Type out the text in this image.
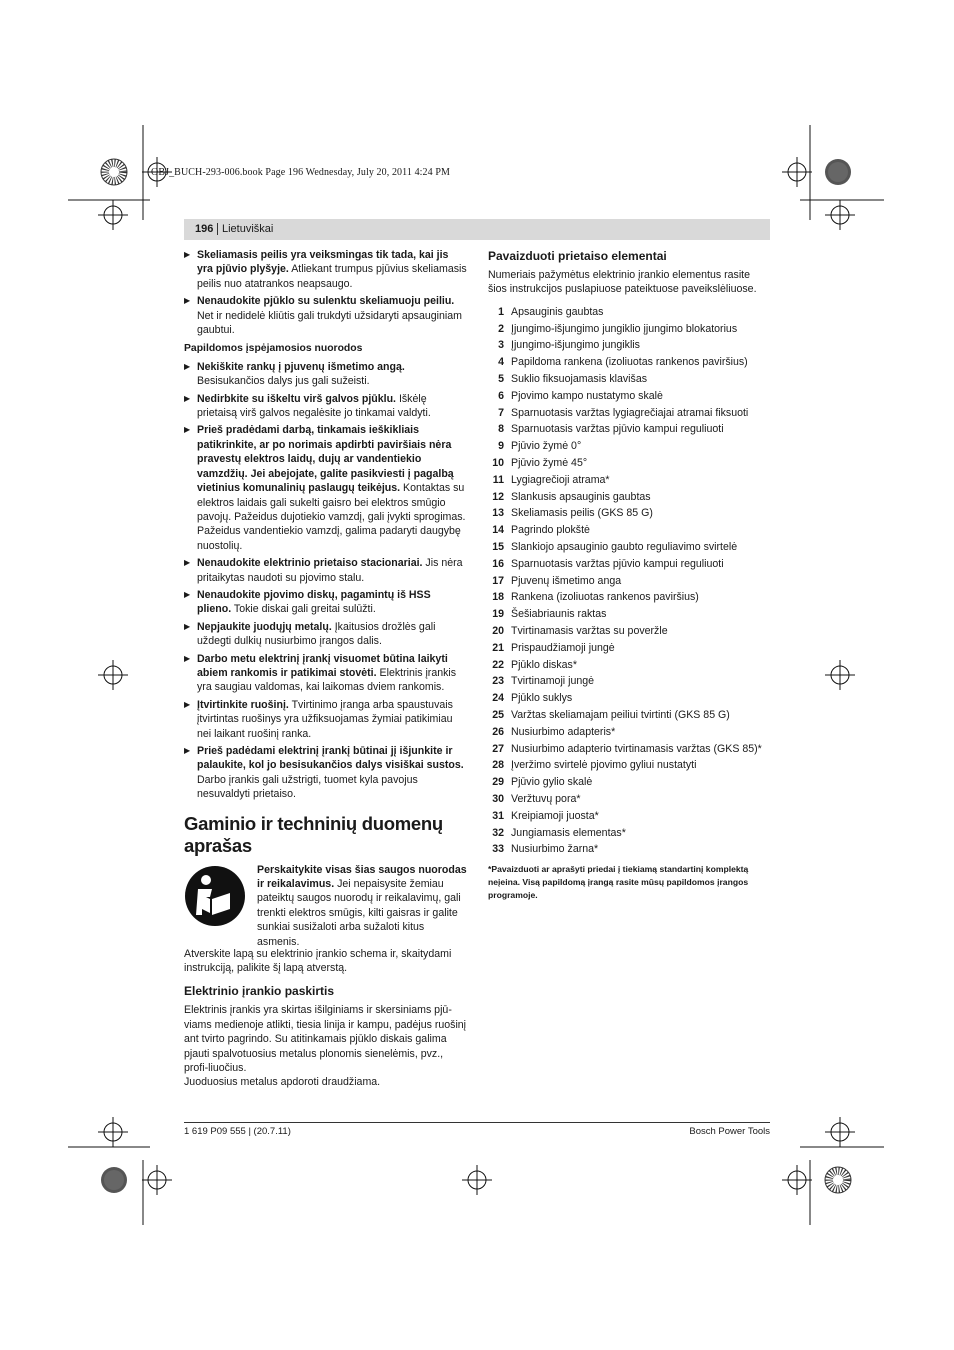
OBJ_BUCH-293-006.book Page 196 Wednesday, July 20, 2011 4:24 PM
196 Lietuviškai
▶ Skeliamasis peilis yra veiksmingas tik tada, kai jis yra pjūvio plyšyje. Atliekant trumpus pjūvius skeliamasis peilis nuo atatrankos neapsaugo.
▶ Nenaudokite pjūklo su sulenktu skeliamuoju peiliu. Net ir nedidelė kliūtis gali trukdyti užsidaryti apsauginiam gaubtui.
Papildomos įspėjamosios nuorodos
▶ Nekiškite rankų į pjuvenų išmetimo angą. Besisukančios dalys jus gali sužeisti.
▶ Nedirbkite su iškeltu virš galvos pjūklu. Iškėlę prietaisą virš galvos negalėsite jo tinkamai valdyti.
▶ Prieš pradėdami darbą, tinkamais ieškikliais patikrinkite, ar po norimais apdirbti paviršiais nėra pravestų elektros laidų, dujų ar vandentiekio vamzdžių. Jei abejojate, galite pasikviesti į pagalbą vietinius komunalinių paslaugų teikėjus. Kontaktas su elektros laidais gali sukelti gaisro bei elektros smūgio pavojų. Pažeidus dujotiekio vamzdį, gali įvykti sprogimas. Pažeidus vandentiekio vamzdį, galima padaryti daugybę nuostolių.
▶ Nenaudokite elektrinio prietaiso stacionariai. Jis nėra pritaikytas naudoti su pjovimo stalu.
▶ Nenaudokite pjovimo diskų, pagamintų iš HSS plieno. Tokie diskai gali greitai sulūžti.
▶ Nepjaukite juodųjų metalų. Įkaitusios drožlės gali uždegti dulkių nusiurbimo įrangos dalis.
▶ Darbo metu elektrinį įrankį visuomet būtina laikyti abiem rankomis ir patikimai stovėti. Elektrinis įrankis yra saugiau valdomas, kai laikomas dviem rankomis.
▶ Įtvirtinkite ruošinį. Tvirtinimo įranga arba spaustuvais įtvirtintas ruošinys yra užfiksuojamas žymiai patikimiau nei laikant ruošinį ranka.
▶ Prieš padėdami elektrinį įrankį būtinai jį išjunkite ir palaukite, kol jo besisukančios dalys visiškai sustos. Darbo įrankis gali užstrigti, tuomet kyla pavojus nesuvaldyti prietaiso.
Gaminio ir techninių duomenų aprašas
Perskaitykite visas šias saugos nuorodas ir reikalavimus. Jei nepaisysite žemiau pateiktų saugos nuorodų ir reikalavimų, gali trenkti elektros smūgis, kilti gaisras ir galite sunkiai susižaloti arba sužaloti kitus asmenis.
Atverskite lapą su elektrinio įrankio schema ir, skaitydami instrukciją, palikite šį lapą atverstą.
Elektrinio įrankio paskirtis
Elektrinis įrankis yra skirtas išilginiams ir skersiniams pjū-viams medienoje atlikti, tiesia linija ir kampu, padėjus ruošinį ant tvirto pagrindo. Su atitinkamais pjūklo diskais galima pjauti spalvotuosius metalus plonomis sienelėmis, pvz., profi-liuočius.
Juoduosius metalus apdoroti draudžiama.
Pavaizduoti prietaiso elementai
Numeriais pažymėtus elektrinio įrankio elementus rasite šios instrukcijos puslapiuose pateiktuose paveikslėliuose.
1 Apsauginis gaubtas
2 Įjungimo-išjungimo jungiklio įjungimo blokatorius
3 Įjungimo-išjungimo jungiklis
4 Papildoma rankena (izoliuotas rankenos paviršius)
5 Suklio fiksuojamasis klavišas
6 Pjovimo kampo nustatymo skalė
7 Sparnuotasis varžtas lygiagrečiajai atramai fiksuoti
8 Sparnuotasis varžtas pjūvio kampui reguliuoti
9 Pjūvio žymė 0°
10 Pjūvio žymė 45°
11 Lygiagrečioji atrama*
12 Slankusis apsauginis gaubtas
13 Skeliamasis peilis (GKS 85 G)
14 Pagrindo plokštė
15 Slankiojo apsauginio gaubto reguliavimo svirtelė
16 Sparnuotasis varžtas pjūvio kampui reguliuoti
17 Pjuvenų išmetimo anga
18 Rankena (izoliuotas rankenos paviršius)
19 Šešiabriaunis raktas
20 Tvirtinamasis varžtas su poveržle
21 Prispaudžiamoji jungė
22 Pjūklo diskas*
23 Tvirtinamoji jungė
24 Pjūklo suklys
25 Varžtas skeliamajam peiliui tvirtinti (GKS 85 G)
26 Nusiurbimo adapteris*
27 Nusiurbimo adapterio tvirtinamasis varžtas (GKS 85)*
28 Įveržimo svirtelė pjovimo gyliui nustatyti
29 Pjūvio gylio skalė
30 Veržtuvų pora*
31 Kreipiamoji juosta*
32 Jungiamasis elementas*
33 Nusiurbimo žarna*
*Pavaizduoti ar aprašyti priedai į tiekiamą standartinį komplektą neįeina. Visą papildomą įrangą rasite mūsų papildomos įrangos programoje.
1 619 P09 555 | (20.7.11)	Bosch Power Tools
